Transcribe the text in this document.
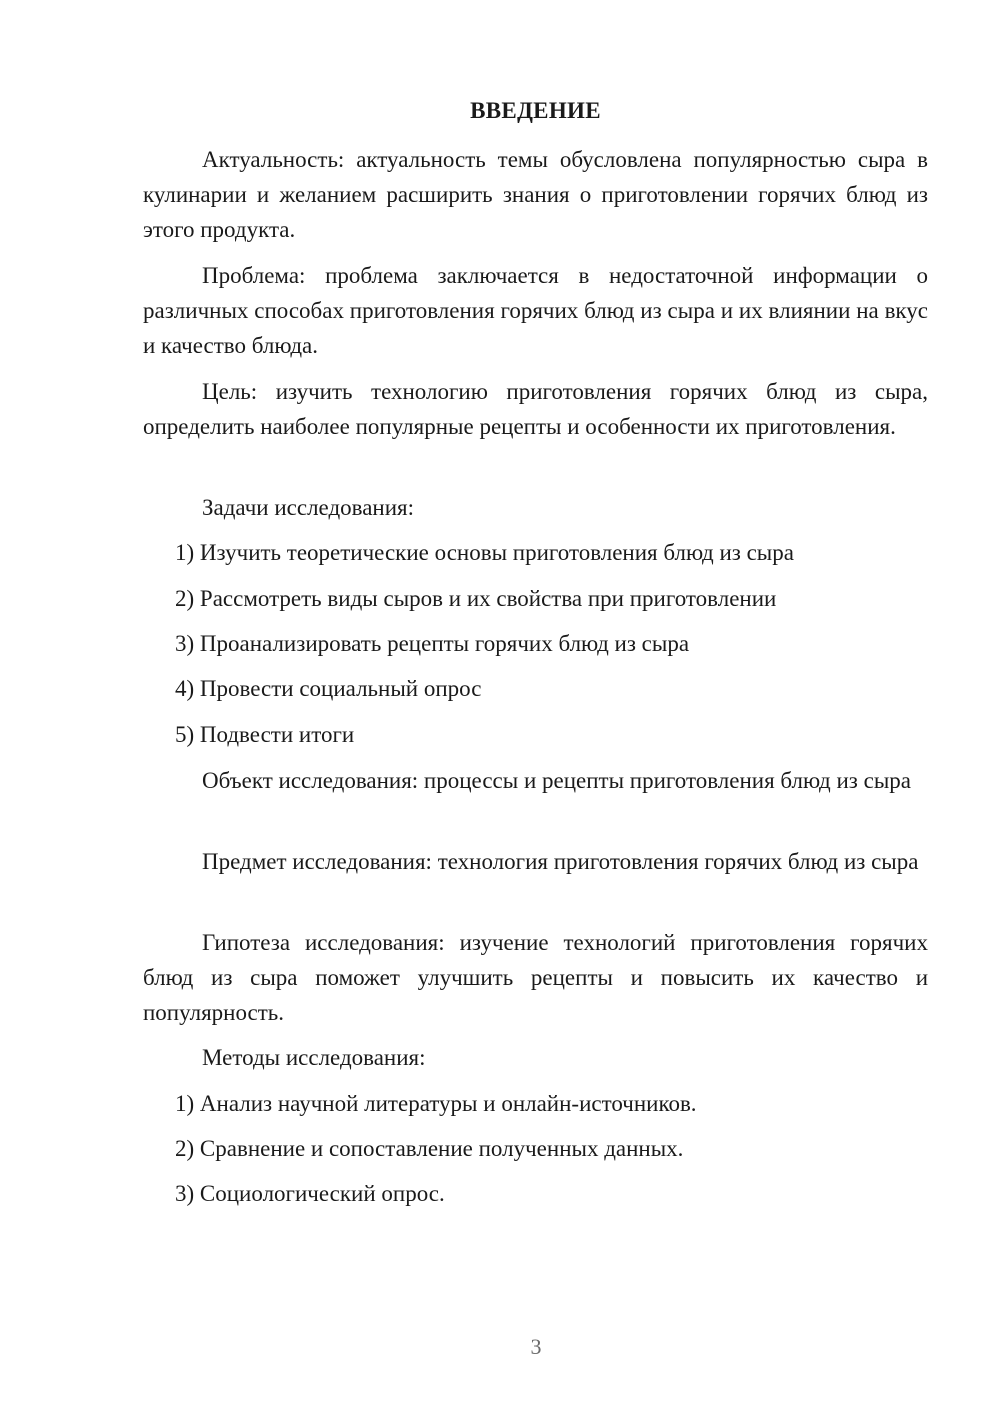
ВВЕДЕНИЕ
Актуальность: актуальность темы обусловлена популярностью сыра в кулинарии и желанием расширить знания о приготовлении горячих блюд из этого продукта.
Проблема: проблема заключается в недостаточной информации о различных способах приготовления горячих блюд из сыра и их влиянии на вкус и качество блюда.
Цель: изучить технологию приготовления горячих блюд из сыра, определить наиболее популярные рецепты и особенности их приготовления.
Задачи исследования:
1) Изучить теоретические основы приготовления блюд из сыра
2) Рассмотреть виды сыров и их свойства при приготовлении
3) Проанализировать рецепты горячих блюд из сыра
4) Провести социальный опрос
5) Подвести итоги
Объект исследования: процессы и рецепты приготовления блюд из сыра
Предмет исследования: технология приготовления горячих блюд из сыра
Гипотеза исследования: изучение технологий приготовления горячих блюд из сыра поможет улучшить рецепты и повысить их качество и популярность.
Методы исследования:
1) Анализ научной литературы и онлайн-источников.
2) Сравнение и сопоставление полученных данных.
3) Социологический опрос.
3
